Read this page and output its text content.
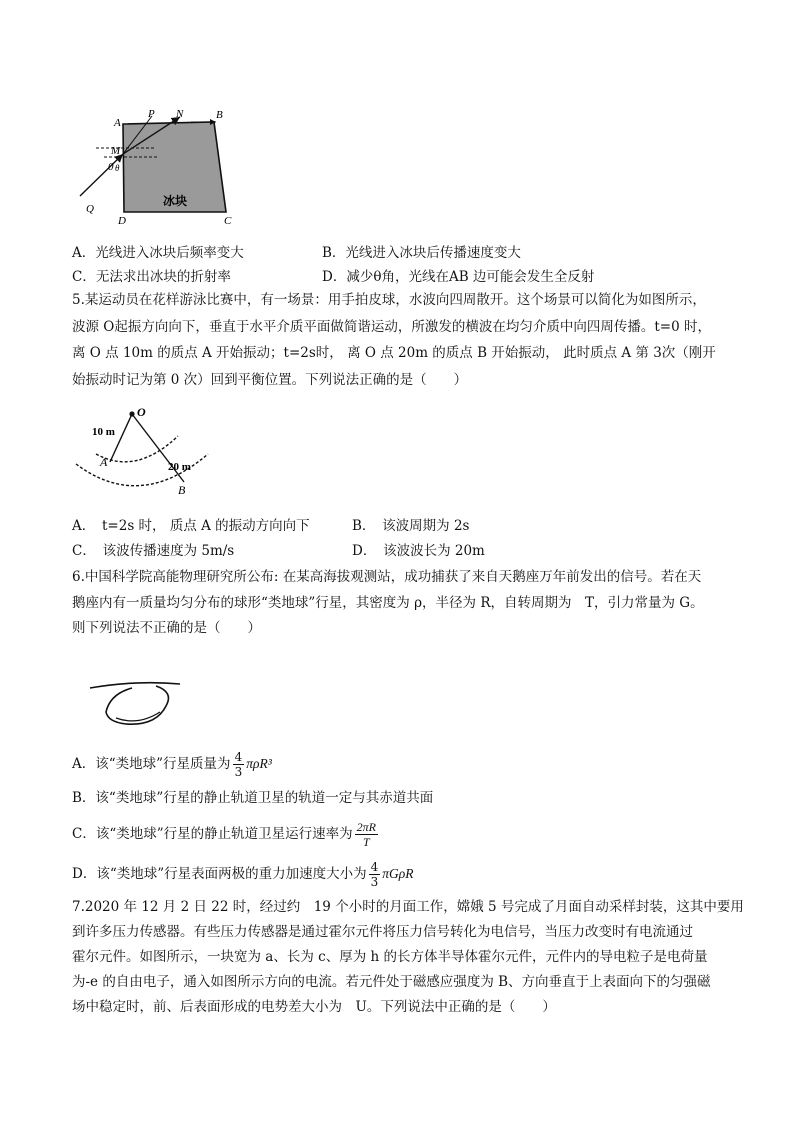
A
B
C
D
P N
M
0 θ
Q
冰块
A．光线进入冰块后频率变大	B．光线进入冰块后传播速度变大
C．无法求出冰块的折射率	D．减少θ角，光线在AB 边可能会发生全反射
5.某运动员在花样游泳比赛中，有一场景：用手拍皮球，水波向四周散开。这个场景可以简化为如图所示，
波源 O起振方向向下，垂直于水平介质平面做简谐运动，所激发的横波在均匀介质中向四周传播。t=0 时，
离 O 点 10m 的质点 A 开始振动；t=2s时， 离 O 点 20m 的质点 B 开始振动， 此时质点 A 第 3次（刚开
始振动时记为第 0 次）回到平衡位置。下列说法正确的是（　　）
O
10 m
20 m
A
B
A．　t=2s 时， 质点 A 的振动方向向下	B．　该波周期为 2s
C．　该波传播速度为 5m/s	D．　该波波长为 20m
6.中国科学院高能物理研究所公布: 在某高海拔观测站，成功捕获了来自天鹅座万年前发出的信号。若在天
鹅座内有一质量均匀分布的球形“类地球”行星，其密度为 ρ，半径为 R，自转周期为　T，引力常量为 G。
则下列说法不正确的是（　　）
A．该“类地球”行星质量为 $\frac{4}{3} \pi\rho R^3$
B．该“类地球”行星的静止轨道卫星的轨道一定与其赤道共面
C．该“类地球”行星的静止轨道卫星运行速率为 $\frac{2\pi R}{T}$
D．该“类地球”行星表面两极的重力加速度大小为 $\frac{4}{3}$ πGρR
7.2020 年 12 月 2 日 22 时，经过约　19 个小时的月面工作，嫦娥 5 号完成了月面自动采样封装，这其中要用
到许多压力传感器。有些压力传感器是通过霍尔元件将压力信号转化为电信号，当压力改变时有电流通过
霍尔元件。如图所示，一块宽为 a、长为 c、厚为 h 的长方体半导体霍尔元件，元件内的导电粒子是电荷量
为-e 的自由电子，通入如图所示方向的电流。若元件处于磁感应强度为 B、方向垂直于上表面向下的匀强磁
场中稳定时，前、后表面形成的电势差大小为　U。下列说法中正确的是（　　）
